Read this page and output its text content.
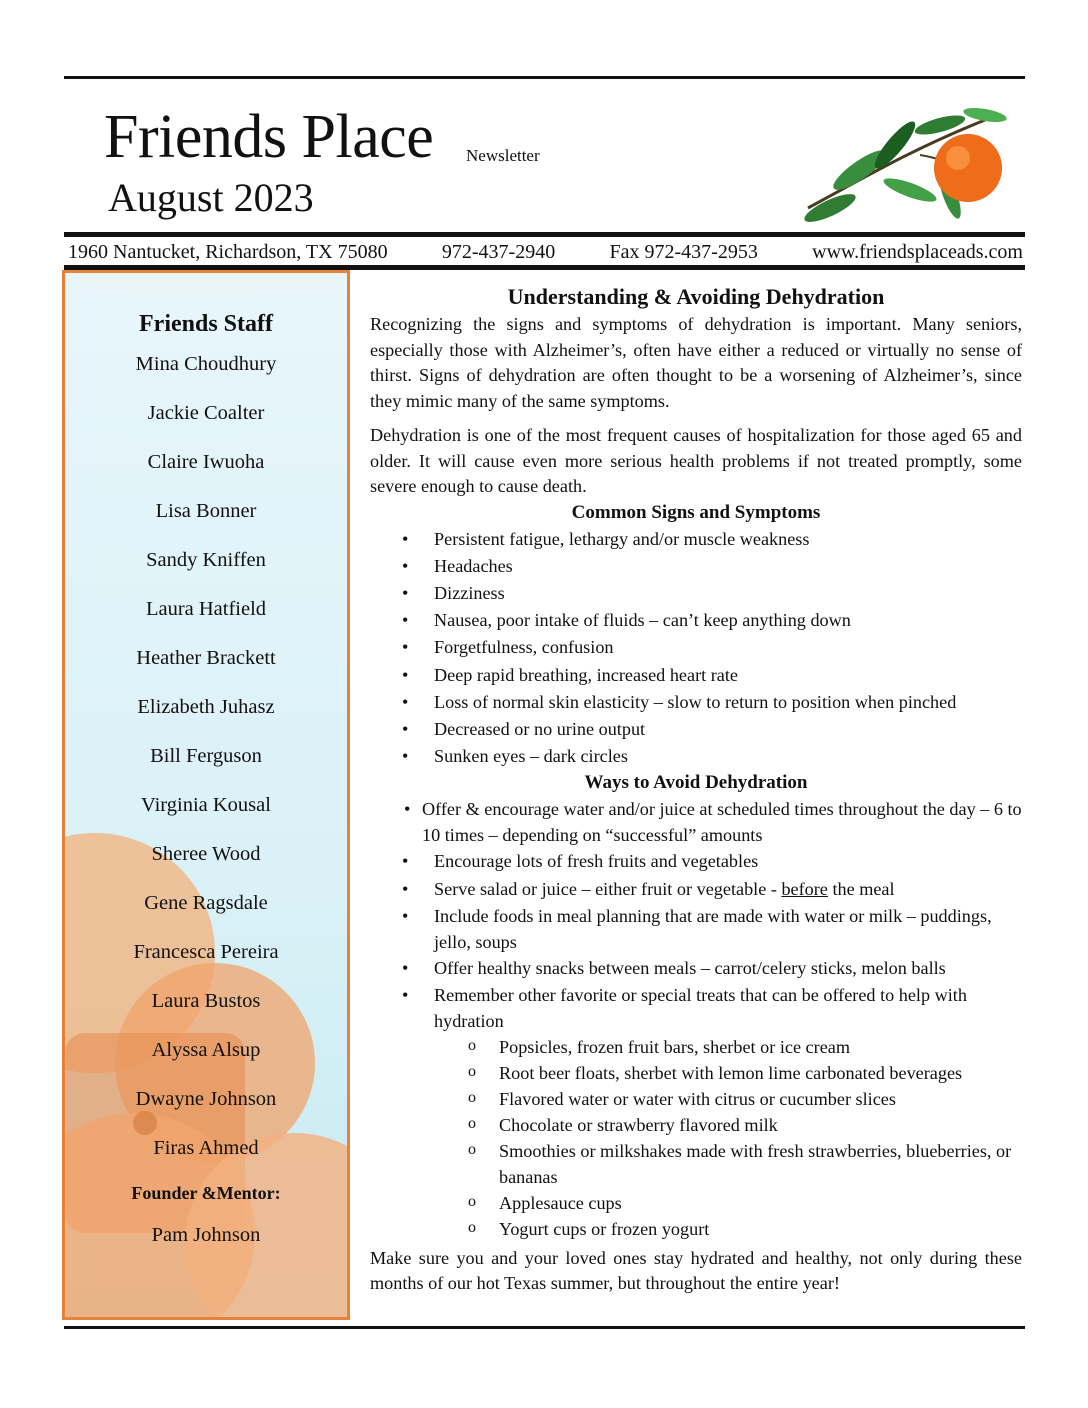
Friends Place Newsletter
August 2023
1960 Nantucket, Richardson, TX 75080	972-437-2940	Fax 972-437-2953	www.friendsplaceads.com
Friends Staff
Mina Choudhury
Jackie Coalter
Claire Iwuoha
Lisa Bonner
Sandy Kniffen
Laura Hatfield
Heather Brackett
Elizabeth Juhasz
Bill Ferguson
Virginia Kousal
Sheree Wood
Gene Ragsdale
Francesca Pereira
Laura Bustos
Alyssa Alsup
Dwayne Johnson
Firas Ahmed
Founder &Mentor:
Pam Johnson
Understanding & Avoiding Dehydration

Recognizing the signs and symptoms of dehydration is important. Many seniors, especially those with Alzheimer’s, often have either a reduced or virtually no sense of thirst. Signs of dehydration are often thought to be a worsening of Alzheimer’s, since they mimic many of the same symptoms.

Dehydration is one of the most frequent causes of hospitalization for those aged 65 and older. It will cause even more serious health problems if not treated promptly, some severe enough to cause death.

Common Signs and Symptoms
• Persistent fatigue, lethargy and/or muscle weakness
• Headaches
• Dizziness
• Nausea, poor intake of fluids – can’t keep anything down
• Forgetfulness, confusion
• Deep rapid breathing, increased heart rate
• Loss of normal skin elasticity – slow to return to position when pinched
• Decreased or no urine output
• Sunken eyes – dark circles
Ways to Avoid Dehydration
• Offer & encourage water and/or juice at scheduled times throughout the day – 6 to 10 times – depending on “successful” amounts
• Encourage lots of fresh fruits and vegetables
• Serve salad or juice – either fruit or vegetable - before the meal
• Include foods in meal planning that are made with water or milk – puddings, jello, soups
• Offer healthy snacks between meals – carrot/celery sticks, melon balls
• Remember other favorite or special treats that can be offered to help with hydration
o Popsicles, frozen fruit bars, sherbet or ice cream
o Root beer floats, sherbet with lemon lime carbonated beverages
o Flavored water or water with citrus or cucumber slices
o Chocolate or strawberry flavored milk
o Smoothies or milkshakes made with fresh strawberries, blueberries, or bananas
o Applesauce cups
o Yogurt cups or frozen yogurt

Make sure you and your loved ones stay hydrated and healthy, not only during these months of our hot Texas summer, but throughout the entire year!
